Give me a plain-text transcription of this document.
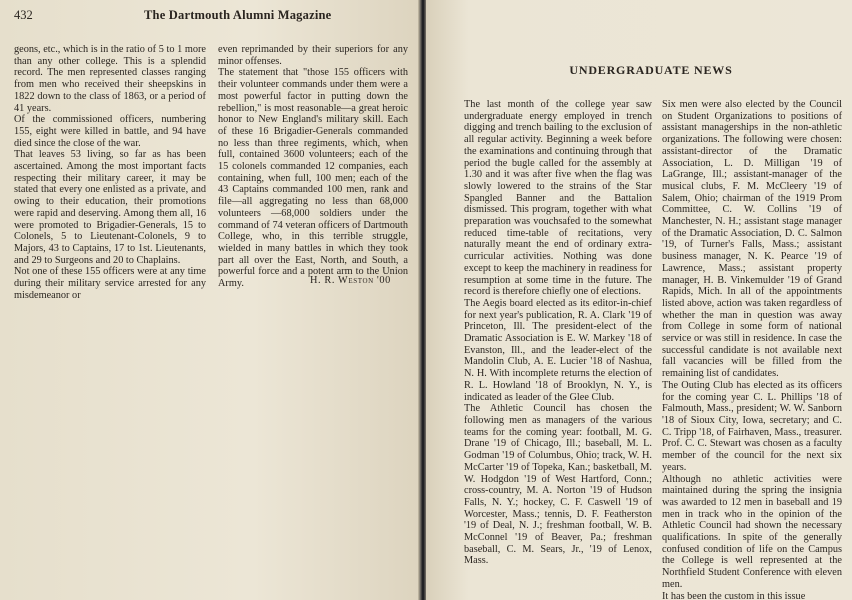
432	The Dartmouth Alumni Magazine

geons, etc., which is in the ratio of 5 to 1 more than any other college. This is a splendid record. The men represented classes ranging from men who received their sheepskins in 1822 down to the class of 1863, or a period of 41 years.
Of the commissioned officers, numbering 155, eight were killed in battle, and 94 have died since the close of the war.
That leaves 53 living, so far as has been ascertained. Among the most important facts respecting their military career, it may be stated that every one enlisted as a private, and owing to their education, their promotions were rapid and deserving. Among them all, 16 were promoted to Brigadier-Generals, 15 to Colonels, 5 to Lieutenant-Colonels, 9 to Majors, 43 to Captains, 17 to 1st. Lieutenants, and 29 to Surgeons and 20 to Chaplains.
Not one of these 155 officers were at any time during their military service arrested for any misdemeanor or

even reprimanded by their superiors for any minor offenses.
The statement that "those 155 officers with their volunteer commands under them were a most powerful factor in putting down the rebellion," is most reasonable—a great heroic honor to New England's military skill. Each of these 16 Brigadier-Generals commanded no less than three regiments, which, when full, contained 3600 volunteers; each of the 15 colonels commanded 12 companies, each containing, when full, 100 men; each of the 43 Captains commanded 100 men, rank and file—all aggregating no less than 68,000 volunteers —68,000 soldiers under the command of 74 veteran officers of Dartmouth College, who, in this terrible struggle, wielded in many battles in which they took part all over the East, North, and South, a powerful force and a potent arm to the Union Army.	H. R. Weston '00
UNDERGRADUATE NEWS

The last month of the college year saw undergraduate energy employed in trench digging and trench bailing to the exclusion of all regular activity. Beginning a week before the examinations and continuing through that period the bugle called for the assembly at 1.30 and it was after five when the flag was slowly lowered to the strains of the Star Spangled Banner and the Battalion dismissed. This program, together with what preparation was vouchsafed to the somewhat reduced time-table of recitations, very naturally meant the end of ordinary extra-curricular activities. Nothing was done except to keep the machinery in readiness for resumption at some time in the future. The record is therefore chiefly one of elections.
The Aegis board elected as its editor-in-chief for next year's publication, R. A. Clark '19 of Princeton, Ill. The president-elect of the Dramatic Association is E. W. Markey '18 of Evanston, Ill., and the leader-elect of the Mandolin Club, A. E. Lucier '18 of Nashua, N. H. With incomplete returns the election of R. L. Howland '18 of Brooklyn, N. Y., is indicated as leader of the Glee Club.
The Athletic Council has chosen the following men as managers of the various teams for the coming year: football, M. G. Drane '19 of Chicago, Ill.; baseball, M. L. Godman '19 of Columbus, Ohio; track, W. H. McCarter '19 of Topeka, Kan.; basketball, M. W. Hodgdon '19 of West Hartford, Conn.; cross-country, M. A. Norton '19 of Hudson Falls, N. Y.; hockey, C. F. Caswell '19 of Worcester, Mass.; tennis, D. F. Featherston '19 of Deal, N. J.; freshman football, W. B. McConnel '19 of Beaver, Pa.; freshman baseball, C. M. Sears, Jr., '19 of Lenox, Mass.

Six men were also elected by the Council on Student Organizations to positions of assistant managerships in the non-athletic organizations. The following were chosen: assistant-director of the Dramatic Association, L. D. Milligan '19 of LaGrange, Ill.; assistant-manager of the musical clubs, F. M. McCleery '19 of Salem, Ohio; chairman of the 1919 Prom Committee, C. W. Collins '19 of Manchester, N. H.; assistant stage manager of the Dramatic Association, D. C. Salmon '19, of Turner's Falls, Mass.; assistant business manager, N. K. Pearce '19 of Lawrence, Mass.; assistant property manager, H. B. Vinkemulder '19 of Grand Rapids, Mich. In all of the appointments listed above, action was taken regardless of whether the man in question was away from College in some form of national service or was still in residence. In case the successful candidate is not available next fall vacancies will be filled from the remaining list of candidates.
The Outing Club has elected as its officers for the coming year C. L. Phillips '18 of Falmouth, Mass., president; W. W. Sanborn '18 of Sioux City, Iowa, secretary; and C. C. Tripp '18, of Fairhaven, Mass., treasurer. Prof. C. C. Stewart was chosen as a faculty member of the council for the next six years.
Although no athletic activities were maintained during the spring the insignia was awarded to 12 men in baseball and 19 men in track who in the opinion of the Athletic Council had shown the necessary qualifications. In spite of the generally confused condition of life on the Campus the College is well represented at the Northfield Student Conference with eleven men.
It has been the custom in this issue
